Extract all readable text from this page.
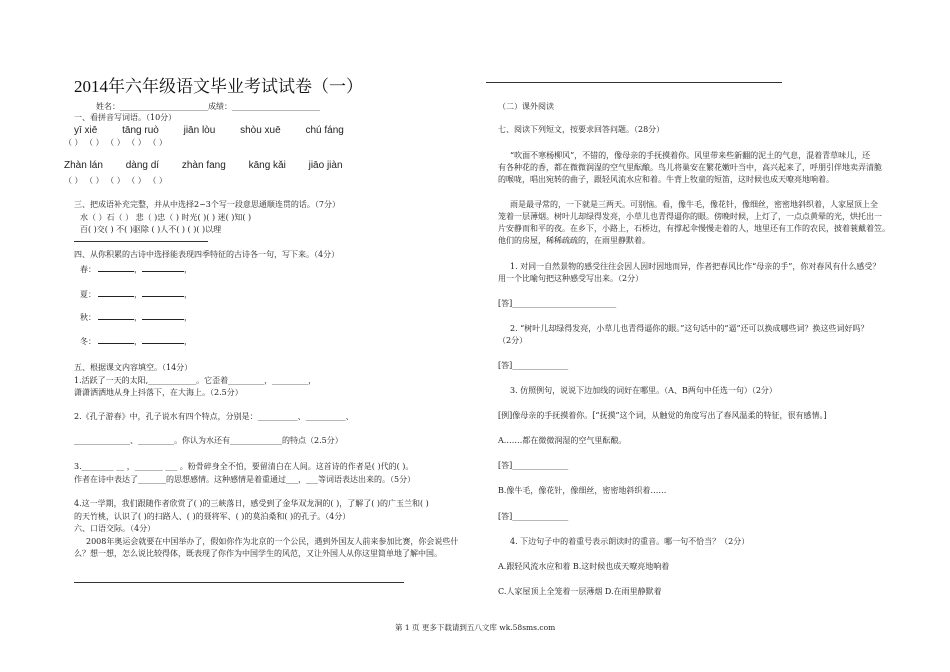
2014年六年级语文毕业考试试卷（一）
姓名：______________________成绩：______________________
一、看拼音写词语。（10分）
yī xiē tāng ruò jiān lòu shòu xuē chú fáng
（ ） （ ） （ ） （ ） （ ）
Zhàn lán dàng dí zhàn fang kāng kǎi jiāo jiàn
（ ） （ ） （ ） （ ） （ ）
三、把成语补充完整，并从中选择2~3个写一段意思通顺连贯的话。（7分）
水（ ）石（ ） 悲（ )忠（ ) 时光( )( ) 迷( )知( )
百( )交( ) 不( )驱除 ( )人不( ) ( )( )以理
四、从你积累的古诗中选择能表现四季特征的古诗各一句，写下来。（4分）
春：	，	，
夏：	，	，
秋：	，	，
冬：	，	，
五、根据课文内容填空。（14分）
1.活跃了一天的太阳,____________。它歪着_________，_________，
潇潇洒洒地从身上抖落下，在大海上。（2.5分）
2.《孔子游春》中，孔子说水有四个特点，分别是：__________、__________、
______________、_________。你认为水还有_____________的特点（2.5分）
3.________ __ ，_______ ___ 。粉骨碎身全不怕，要留清白在人间。这首诗的作者是( )代的( )。
作者在诗中表达了_______的思想感情。这种感情是着重通过___，___等词语表达出来的。（5分）
4.这一学期，我们跟随作者欣赏了( )的三峡落日，感受到了金华双龙洞的( )，了解了( )的广玉兰和( )
的天竹桃，认识了( )的扫路人、( )的聂将军、( )的莫泊桑和( )的孔子。（4分）
六、口语交际。（4分）
2008年奥运会就要在中国举办了，假如你作为北京的一个公民，遇到外国友人前来参加比赛，你会说些什
么？想一想，怎么说比较得体，既表现了你作为中国学生的风范，又让外国人从你这里简单地了解中国。
（二）课外阅读
七、阅读下列短文，按要求回答问题。（28分）
“吹面不寒杨柳风”，不错的，像母亲的手抚摸着你。风里带来些新翻的泥土的气息，混着青草味儿，还
有各种花的香，都在微微润湿的空气里酝酿。鸟儿将巢安在繁花嫩叶当中，高兴起来了，呼朋引伴地卖弄清脆
的喉咙，唱出宛转的曲子，跟轻风流水应和着。牛背上牧童的短笛，这时候也成天嘹亮地响着。
雨是最寻常的，一下就是三两天。可别恼。看，像牛毛，像花针，像细丝，密密地斜织着，人家屋顶上全
笼着一层薄烟。树叶儿却绿得发亮，小草儿也青得逼你的眼。傍晚时候，上灯了，一点点黄晕的光，烘托出一
片安静而和平的夜。在乡下，小路上，石桥边，有撑起伞慢慢走着的人，地里还有工作的农民，披着蓑戴着笠。
他们的房屋，稀稀疏疏的，在雨里静默着。
1. 对同一自然景物的感受往往会因人因时因地而异，作者把春风比作“母亲的手”，你对春风有什么感受？
用一个比喻句把这种感受写出来。（2分）
[答]__________________________
2. “树叶儿却绿得发亮，小草儿也青得逼你的眼。”这句话中的“逼”还可以换成哪些词？换这些词好吗？
（2分）
[答]______________
3. 仿照例句，说说下边加线的词好在哪里。（A、B两句中任选一句）（2分）
[例]像母亲的手抚摸着你。[“抚摸”这个词，从触觉的角度写出了春风温柔的特征，很有感情。]
A.……都在微微润湿的空气里酝酿。
[答]______________
B.像牛毛，像花针，像细丝，密密地斜织着……
[答]______________
4. 下边句子中的着重号表示朗读时的重音。哪一句不恰当？（2分）
A.跟轻风流水应和着 B.这时候也成天嘹亮地响着
C.人家屋顶上全笼着一层薄烟 D.在雨里静默着
第 1 页 更多下载请到五八文库 wk.58sms.com
